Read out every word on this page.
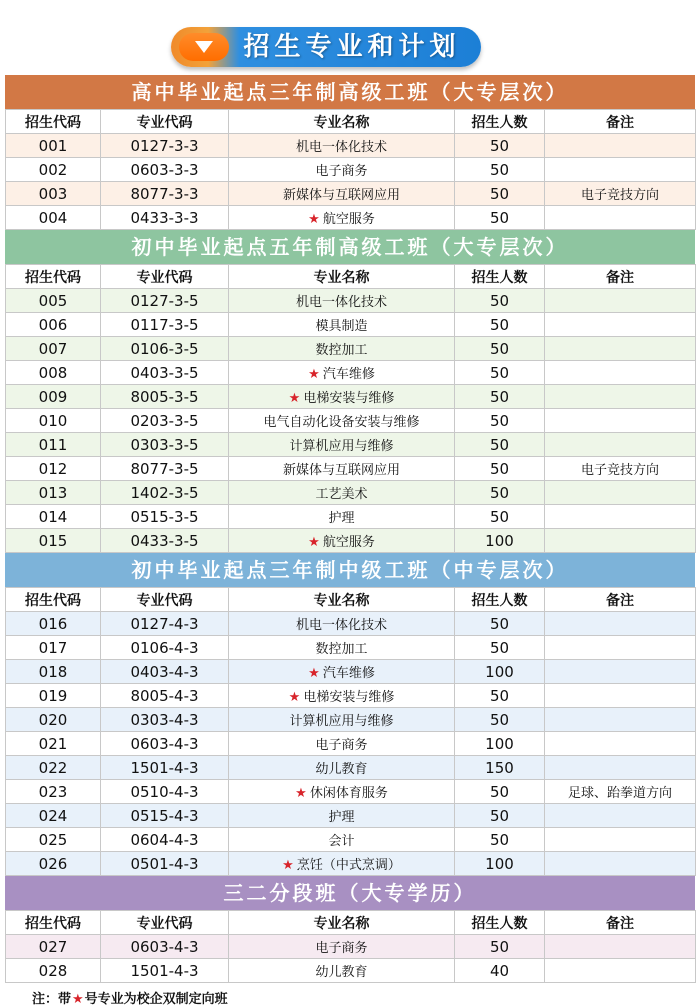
招生专业和计划
高中毕业起点三年制高级工班（大专层次）
招生代码	专业代码	专业名称	招生人数	备注
001	0127-3-3	机电一体化技术	50	
002	0603-3-3	电子商务	50	
003	8077-3-3	新媒体与互联网应用	50	电子竞技方向
004	0433-3-3	★ 航空服务	50	
初中毕业起点五年制高级工班（大专层次）
招生代码	专业代码	专业名称	招生人数	备注
005	0127-3-5	机电一体化技术	50	
006	0117-3-5	模具制造	50	
007	0106-3-5	数控加工	50	
008	0403-3-5	★ 汽车维修	50	
009	8005-3-5	★ 电梯安装与维修	50	
010	0203-3-5	电气自动化设备安装与维修	50	
011	0303-3-5	计算机应用与维修	50	
012	8077-3-5	新媒体与互联网应用	50	电子竞技方向
013	1402-3-5	工艺美术	50	
014	0515-3-5	护理	50	
015	0433-3-5	★ 航空服务	100	
初中毕业起点三年制中级工班（中专层次）
招生代码	专业代码	专业名称	招生人数	备注
016	0127-4-3	机电一体化技术	50	
017	0106-4-3	数控加工	50	
018	0403-4-3	★ 汽车维修	100	
019	8005-4-3	★ 电梯安装与维修	50	
020	0303-4-3	计算机应用与维修	50	
021	0603-4-3	电子商务	100	
022	1501-4-3	幼儿教育	150	
023	0510-4-3	★ 休闲体育服务	50	足球、跆拳道方向
024	0515-4-3	护理	50	
025	0604-4-3	会计	50	
026	0501-4-3	★ 烹饪（中式烹调）	100	
三二分段班（大专学历）
招生代码	专业代码	专业名称	招生人数	备注
027	0603-4-3	电子商务	50	
028	1501-4-3	幼儿教育	40	
注：带★号专业为校企双制定向班
